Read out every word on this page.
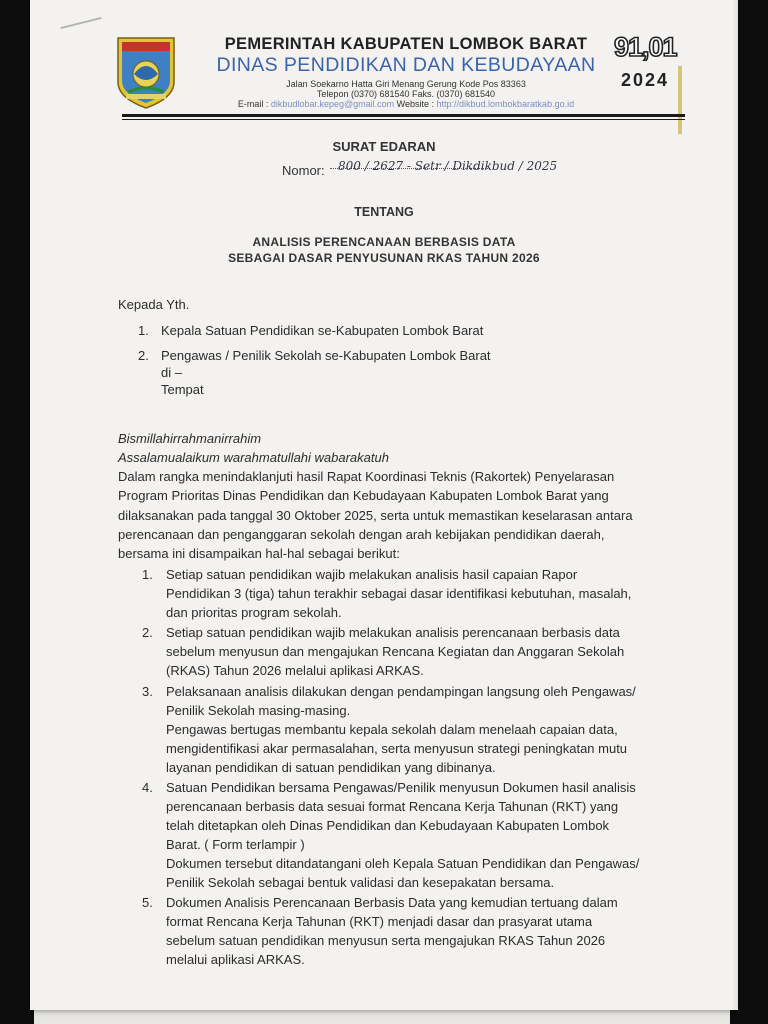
PEMERINTAH KABUPATEN LOMBOK BARAT
DINAS PENDIDIKAN DAN KEBUDAYAAN
Jalan Soekarno Hatta Giri Menang Gerung Kode Pos 83363
Telepon (0370) 681540 Faks. (0370) 681540
E-mail : dikbudlobar.kepeg@gmail.com Website : http://dikbud.lombokbaratkab.go.id
91,01
2024
SURAT EDARAN
Nomor: 800 / 2627 - Setr / Dikdikbud / 2025
TENTANG
ANALISIS PERENCANAAN BERBASIS DATA
SEBAGAI DASAR PENYUSUNAN RKAS TAHUN 2026
Kepada Yth.
1. Kepala Satuan Pendidikan se-Kabupaten Lombok Barat
2. Pengawas / Penilik Sekolah se-Kabupaten Lombok Barat
di –
Tempat
Bismillahirrahmanirrahim
Assalamualaikum warahmatullahi wabarakatuh
Dalam rangka menindaklanjuti hasil Rapat Koordinasi Teknis (Rakortek) Penyelarasan
Program Prioritas Dinas Pendidikan dan Kebudayaan Kabupaten Lombok Barat yang
dilaksanakan pada tanggal 30 Oktober 2025, serta untuk memastikan keselarasan antara
perencanaan dan penganggaran sekolah dengan arah kebijakan pendidikan daerah,
bersama ini disampaikan hal-hal sebagai berikut:
1. Setiap satuan pendidikan wajib melakukan analisis hasil capaian Rapor
Pendidikan 3 (tiga) tahun terakhir sebagai dasar identifikasi kebutuhan, masalah,
dan prioritas program sekolah.
2. Setiap satuan pendidikan wajib melakukan analisis perencanaan berbasis data
sebelum menyusun dan mengajukan Rencana Kegiatan dan Anggaran Sekolah
(RKAS) Tahun 2026 melalui aplikasi ARKAS.
3. Pelaksanaan analisis dilakukan dengan pendampingan langsung oleh Pengawas/
Penilik Sekolah masing-masing.
Pengawas bertugas membantu kepala sekolah dalam menelaah capaian data,
mengidentifikasi akar permasalahan, serta menyusun strategi peningkatan mutu
layanan pendidikan di satuan pendidikan yang dibinanya.
4. Satuan Pendidikan bersama Pengawas/Penilik menyusun Dokumen hasil analisis
perencanaan berbasis data sesuai format Rencana Kerja Tahunan (RKT) yang
telah ditetapkan oleh Dinas Pendidikan dan Kebudayaan Kabupaten Lombok
Barat. ( Form terlampir )
Dokumen tersebut ditandatangani oleh Kepala Satuan Pendidikan dan Pengawas/
Penilik Sekolah sebagai bentuk validasi dan kesepakatan bersama.
5. Dokumen Analisis Perencanaan Berbasis Data yang kemudian tertuang dalam
format Rencana Kerja Tahunan (RKT) menjadi dasar dan prasyarat utama
sebelum satuan pendidikan menyusun serta mengajukan RKAS Tahun 2026
melalui aplikasi ARKAS.
